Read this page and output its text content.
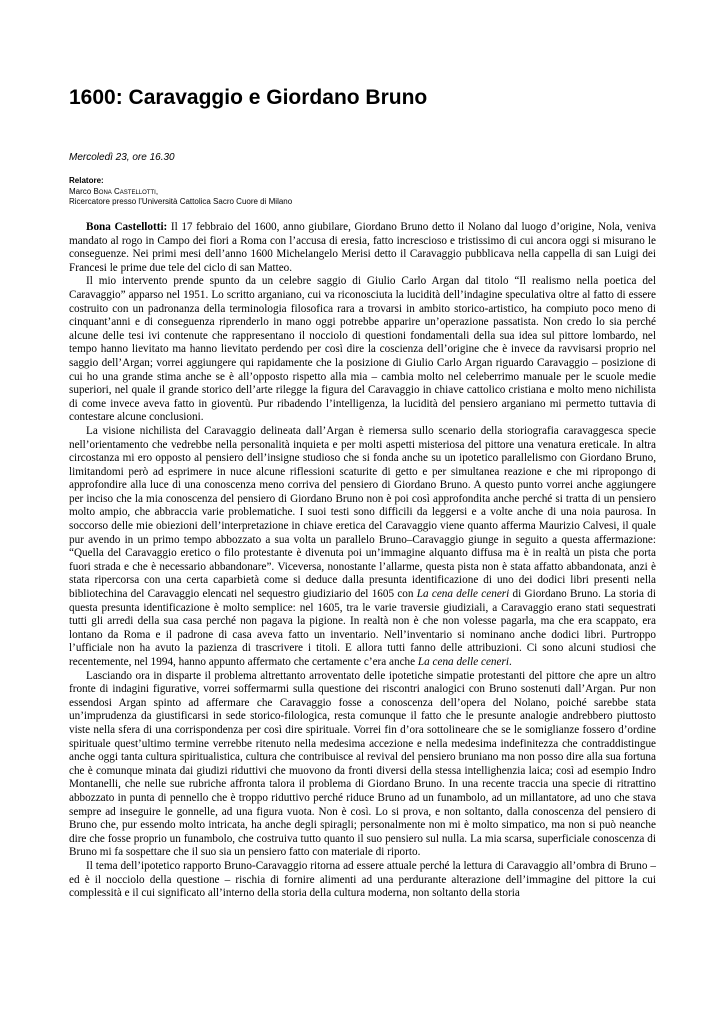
1600: Caravaggio e Giordano Bruno

Mercoledì 23, ore 16.30

Relatore:
Marco Bona Castellotti,
Ricercatore presso l’Università Cattolica Sacro Cuore di Milano

Bona Castellotti: Il 17 febbraio del 1600, anno giubilare, Giordano Bruno detto il Nolano dal luogo d’origine, Nola, veniva mandato al rogo in Campo dei fiori a Roma con l’accusa di eresia, fatto increscioso e tristissimo di cui ancora oggi si misurano le conseguenze. Nei primi mesi dell’anno 1600 Michelangelo Merisi detto il Caravaggio pubblicava nella cappella di san Luigi dei Francesi le prime due tele del ciclo di san Matteo.

Il mio intervento prende spunto da un celebre saggio di Giulio Carlo Argan dal titolo “Il realismo nella poetica del Caravaggio” apparso nel 1951. Lo scritto arganiano, cui va riconosciuta la lucidità dell’indagine speculativa oltre al fatto di essere costruito con un padronanza della terminologia filosofica rara a trovarsi in ambito storico-artistico, ha compiuto poco meno di cinquant’anni e di conseguenza riprenderlo in mano oggi potrebbe apparire un’operazione passatista. Non credo lo sia perché alcune delle tesi ivi contenute che rappresentano il nocciolo di questioni fondamentali della sua idea sul pittore lombardo, nel tempo hanno lievitato ma hanno lievitato perdendo per così dire la coscienza dell’origine che è invece da ravvisarsi proprio nel saggio dell’Argan; vorrei aggiungere qui rapidamente che la posizione di Giulio Carlo Argan riguardo Caravaggio – posizione di cui ho una grande stima anche se è all’opposto rispetto alla mia – cambia molto nel celeberrimo manuale per le scuole medie superiori, nel quale il grande storico dell’arte rilegge la figura del Caravaggio in chiave cattolico cristiana e molto meno nichilista di come invece aveva fatto in gioventù. Pur ribadendo l’intelligenza, la lucidità del pensiero arganiano mi permetto tuttavia di contestare alcune conclusioni.

La visione nichilista del Caravaggio delineata dall’Argan è riemersa sullo scenario della storiografia caravaggesca specie nell’orientamento che vedrebbe nella personalità inquieta e per molti aspetti misteriosa del pittore una venatura ereticale. In altra circostanza mi ero opposto al pensiero dell’insigne studioso che si fonda anche su un ipotetico parallelismo con Giordano Bruno, limitandomi però ad esprimere in nuce alcune riflessioni scaturite di getto e per simultanea reazione e che mi ripropongo di approfondire alla luce di una conoscenza meno corriva del pensiero di Giordano Bruno. A questo punto vorrei anche aggiungere per inciso che la mia conoscenza del pensiero di Giordano Bruno non è poi così approfondita anche perché si tratta di un pensiero molto ampio, che abbraccia varie problematiche. I suoi testi sono difficili da leggersi e a volte anche di una noia paurosa. In soccorso delle mie obiezioni dell’interpretazione in chiave eretica del Caravaggio viene quanto afferma Maurizio Calvesi, il quale pur avendo in un primo tempo abbozzato a sua volta un parallelo Bruno–Caravaggio giunge in seguito a questa affermazione: “Quella del Caravaggio eretico o filo protestante è divenuta poi un’immagine alquanto diffusa ma è in realtà un pista che porta fuori strada e che è necessario abbandonare”. Viceversa, nonostante l’allarme, questa pista non è stata affatto abbandonata, anzi è stata ripercorsa con una certa caparbietà come si deduce dalla presunta identificazione di uno dei dodici libri presenti nella bibliotechina del Caravaggio elencati nel sequestro giudiziario del 1605 con La cena delle ceneri di Giordano Bruno. La storia di questa presunta identificazione è molto semplice: nel 1605, tra le varie traversie giudiziali, a Caravaggio erano stati sequestrati tutti gli arredi della sua casa perché non pagava la pigione. In realtà non è che non volesse pagarla, ma che era scappato, era lontano da Roma e il padrone di casa aveva fatto un inventario. Nell’inventario si nominano anche dodici libri. Purtroppo l’ufficiale non ha avuto la pazienza di trascrivere i titoli. E allora tutti fanno delle attribuzioni. Ci sono alcuni studiosi che recentemente, nel 1994, hanno appunto affermato che certamente c’era anche La cena delle ceneri.

Lasciando ora in disparte il problema altrettanto arroventato delle ipotetiche simpatie protestanti del pittore che apre un altro fronte di indagini figurative, vorrei soffermarmi sulla questione dei riscontri analogici con Bruno sostenuti dall’Argan. Pur non essendosi Argan spinto ad affermare che Caravaggio fosse a conoscenza dell’opera del Nolano, poiché sarebbe stata un’imprudenza da giustificarsi in sede storico-filologica, resta comunque il fatto che le presunte analogie andrebbero piuttosto viste nella sfera di una corrispondenza per così dire spirituale. Vorrei fin d’ora sottolineare che se le somiglianze fossero d’ordine spirituale quest’ultimo termine verrebbe ritenuto nella medesima accezione e nella medesima indefinitezza che contraddistingue anche oggi tanta cultura spiritualistica, cultura che contribuisce al revival del pensiero bruniano ma non posso dire alla sua fortuna che è comunque minata dai giudizi riduttivi che muovono da fronti diversi della stessa intellighenzia laica; così ad esempio Indro Montanelli, che nelle sue rubriche affronta talora il problema di Giordano Bruno. In una recente traccia una specie di ritrattino abbozzato in punta di pennello che è troppo riduttivo perché riduce Bruno ad un funambolo, ad un millantatore, ad uno che stava sempre ad inseguire le gonnelle, ad una figura vuota. Non è così. Lo si prova, e non soltanto, dalla conoscenza del pensiero di Bruno che, pur essendo molto intricata, ha anche degli spiragli; personalmente non mi è molto simpatico, ma non si può neanche dire che fosse proprio un funambolo, che costruiva tutto quanto il suo pensiero sul nulla. La mia scarsa, superficiale conoscenza di Bruno mi fa sospettare che il suo sia un pensiero fatto con materiale di riporto.

Il tema dell’ipotetico rapporto Bruno-Caravaggio ritorna ad essere attuale perché la lettura di Caravaggio all’ombra di Bruno – ed è il nocciolo della questione – rischia di fornire alimenti ad una perdurante alterazione dell’immagine del pittore la cui complessità e il cui significato all’interno della storia della cultura moderna, non soltanto della storia
